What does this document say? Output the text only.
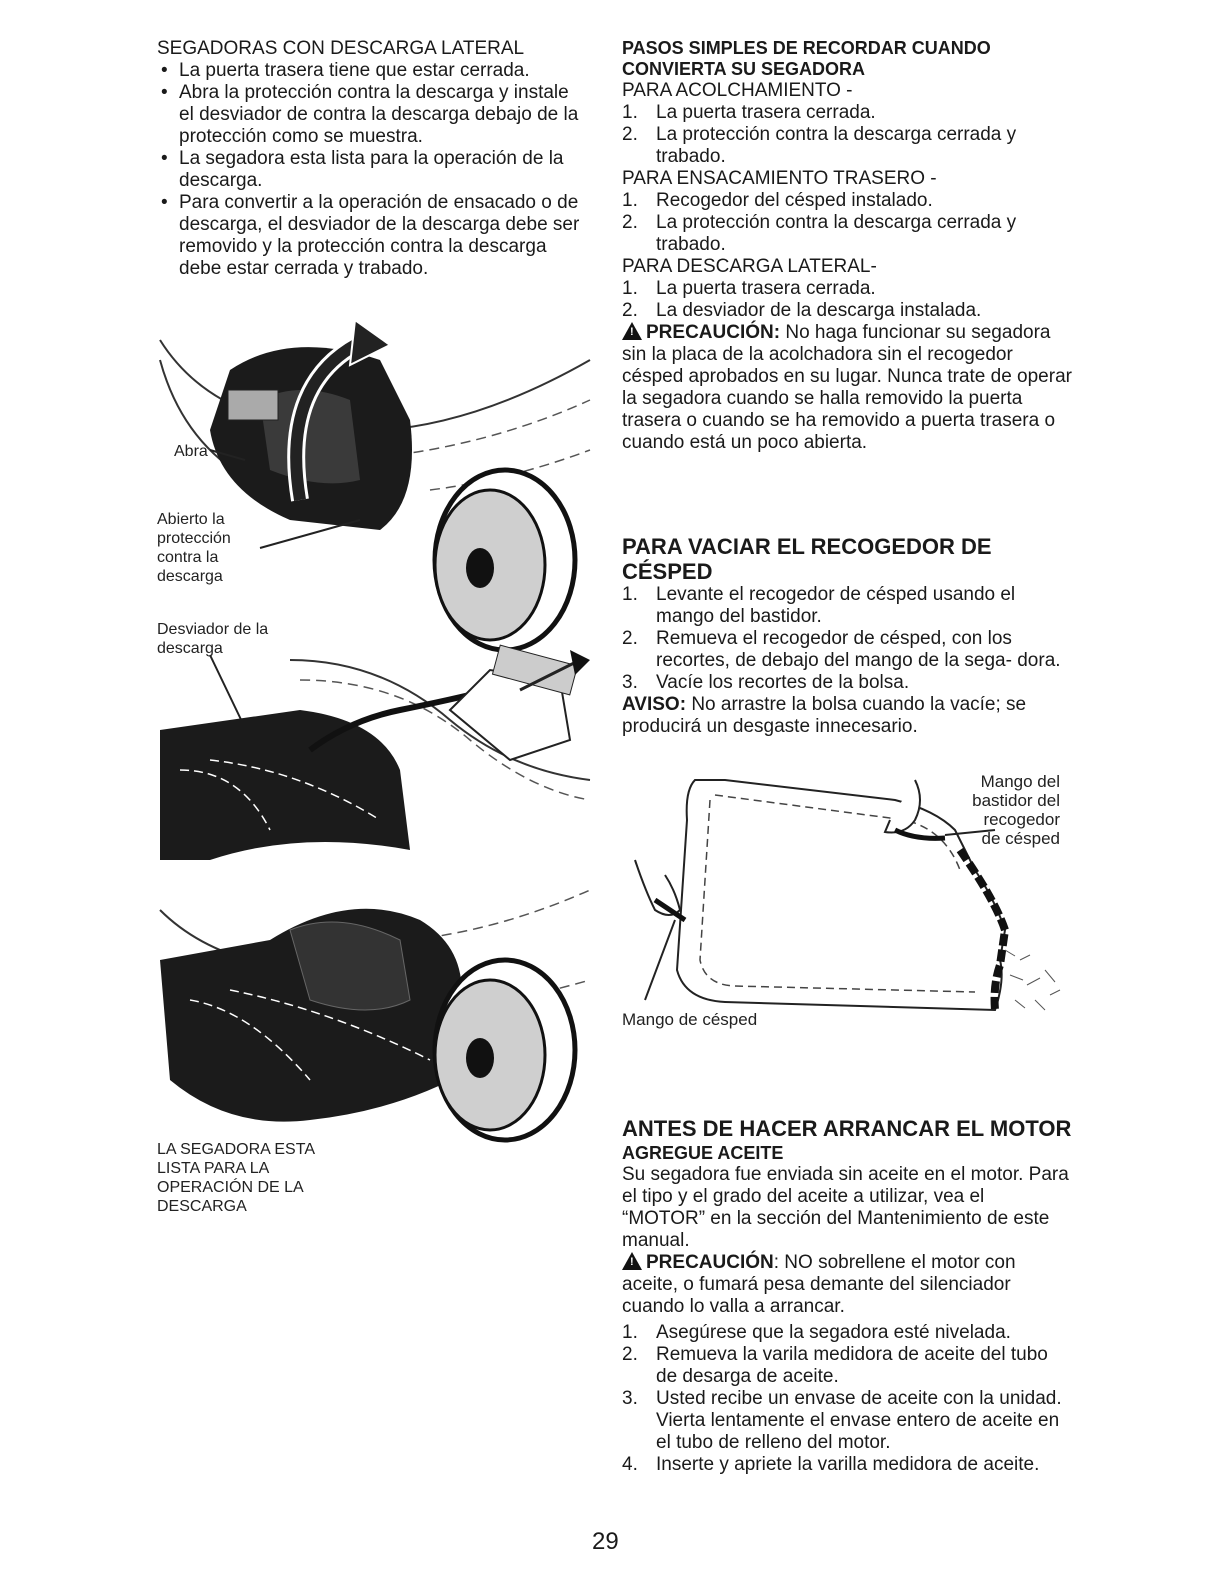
SEGADORAS CON DESCARGA LATERAL
• La puerta trasera tiene que estar cerrada.
• Abra la protección contra la descarga y instale el desviador de contra la descarga debajo de la protección como se muestra.
• La segadora esta lista para la operación de la descarga.
• Para convertir a la operación de ensacado o de descarga, el desviador de la descarga debe ser removido y la protección contra la descarga debe estar cerrada y trabado.
Abra
Abierto la protección contra la descarga
Desviador de la descarga
LA SEGADORA ESTA LISTA PARA LA OPERACIÓN DE LA DESCARGA
PASOS SIMPLES DE RECORDAR CUANDO CONVIERTA SU SEGADORA
PARA ACOLCHAMIENTO -
1. La puerta trasera cerrada.
2. La protección contra la descarga cerrada y trabado.
PARA ENSACAMIENTO TRASERO -
1. Recogedor del césped instalado.
2. La protección contra la descarga cerrada y trabado.
PARA DESCARGA LATERAL-
1. La puerta trasera cerrada.
2. La desviador de la descarga instalada.
!PRECAUCIÓN: No haga funcionar su segadora sin la placa de la acolchadora sin el recogedor césped aprobados en su lugar. Nunca trate de operar la segadora cuando se halla removido la puerta trasera o cuando se ha removido a puerta trasera o cuando está un poco abierta.
PARA VACIAR EL RECOGEDOR DE CÉSPED
1. Levante el recogedor de césped usando el mango del bastidor.
2. Remueva el recogedor de césped, con los recortes, de debajo del mango de la sega- dora.
3. Vacíe los recortes de la bolsa.
AVISO: No arrastre la bolsa cuando la vacíe; se producirá un desgaste innecesario.
Mango del bastidor del recogedor de césped
Mango de césped
ANTES DE HACER ARRANCAR EL MOTOR
AGREGUE ACEITE
Su segadora fue enviada sin aceite en el motor. Para el tipo y el grado del aceite a utilizar, vea el “MOTOR” en la sección del Mantenimiento de este manual.
!PRECAUCIÓN: NO sobrellene el motor con aceite, o fumará pesa demante del silenciador cuando lo valla a arrancar.
1. Asegúrese que la segadora esté nivelada.
2. Remueva la varila medidora de aceite del tubo de desarga de aceite.
3. Usted recibe un envase de aceite con la unidad. Vierta lentamente el envase entero de aceite en el tubo de relleno del motor.
4. Inserte y apriete la varilla medidora de aceite.
29
